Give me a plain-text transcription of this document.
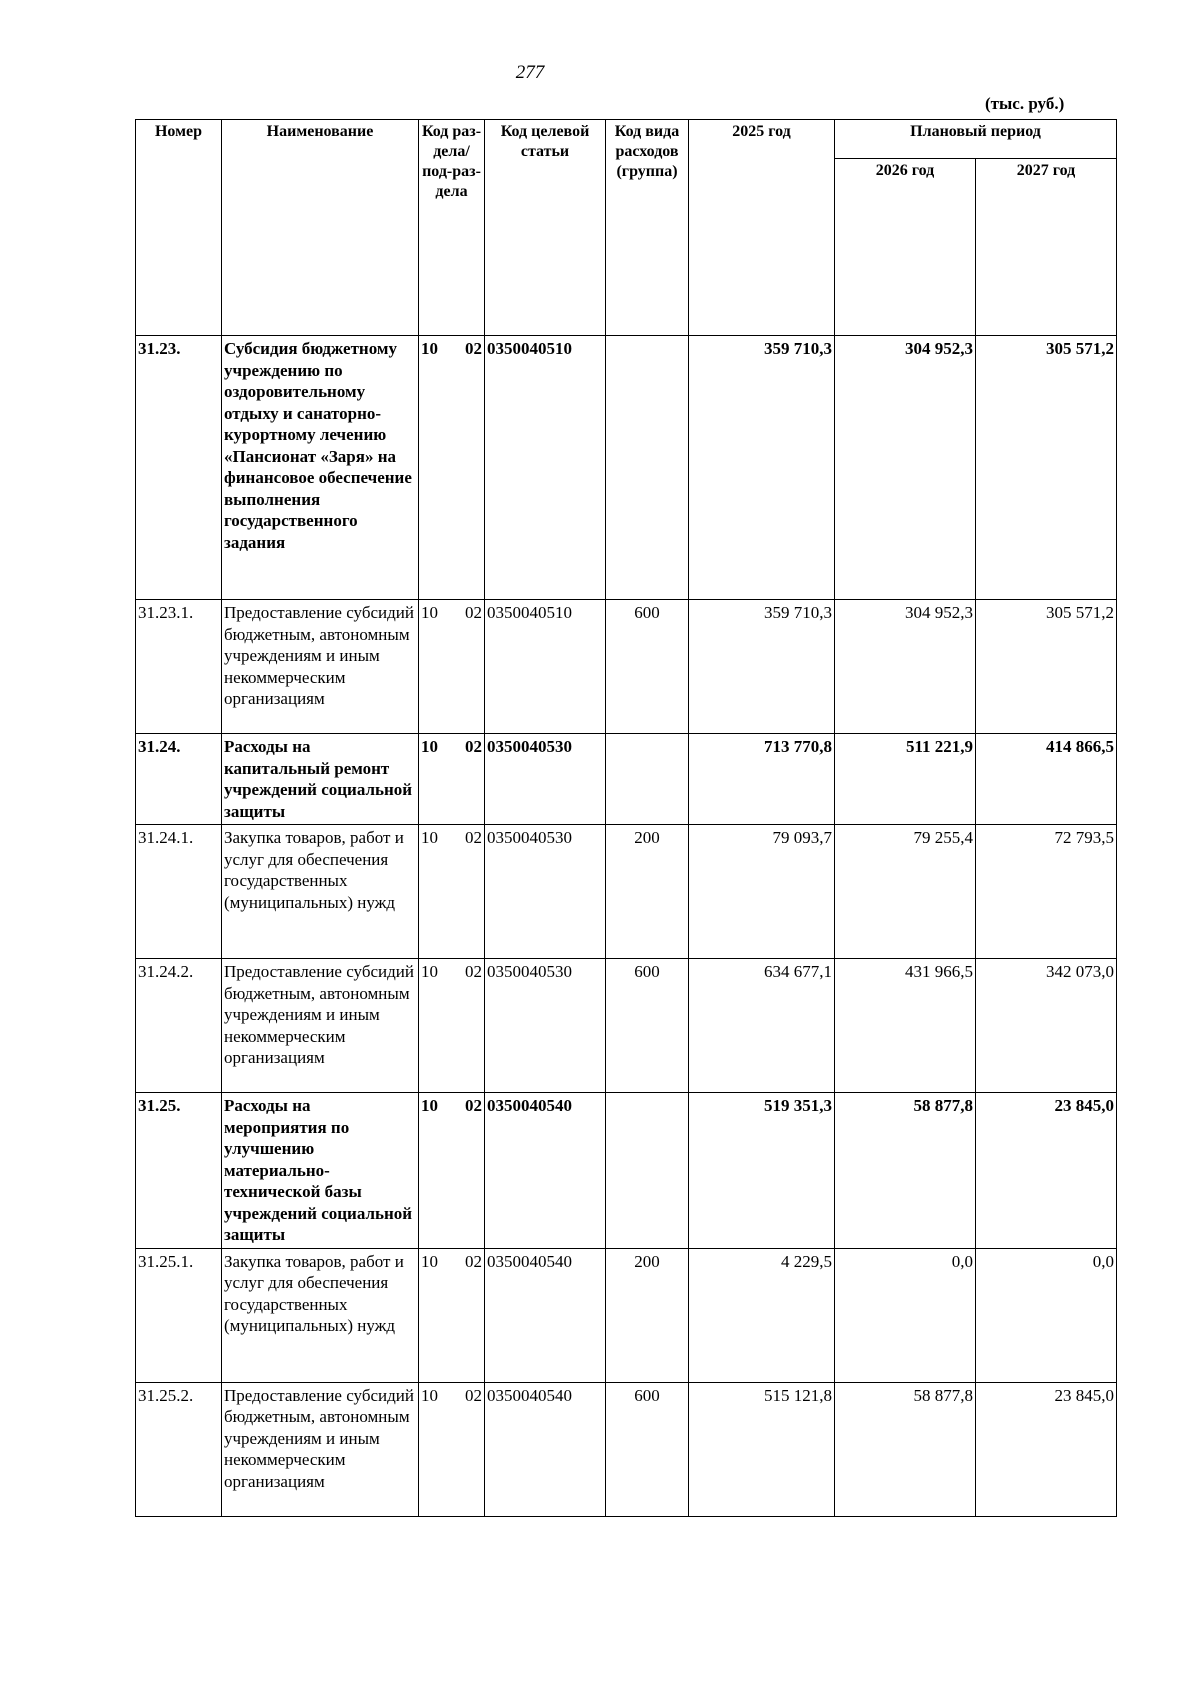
277
(тыс. руб.)
Номер	Наименование	Код раз-дела/ под-раз-дела	Код целевой статьи	Код вида расходов (группа)	2025 год	Плановый период	
						2026 год	2027 год
31.23.	Субсидия бюджетному учреждению по оздоровительному отдыху и санаторно-курортному лечению «Пансионат «Заря» на финансовое обеспечение выполнения государственного задания	10 02	0350040510		359 710,3	304 952,3	305 571,2
31.23.1.	Предоставление субсидий бюджетным, автономным учреждениям и иным некоммерческим организациям	10 02	0350040510	600	359 710,3	304 952,3	305 571,2
31.24.	Расходы на капитальный ремонт учреждений социальной защиты	10 02	0350040530		713 770,8	511 221,9	414 866,5
31.24.1.	Закупка товаров, работ и услуг для обеспечения государственных (муниципальных) нужд	10 02	0350040530	200	79 093,7	79 255,4	72 793,5
31.24.2.	Предоставление субсидий бюджетным, автономным учреждениям и иным некоммерческим организациям	10 02	0350040530	600	634 677,1	431 966,5	342 073,0
31.25.	Расходы на мероприятия по улучшению материально-технической базы учреждений социальной защиты	10 02	0350040540		519 351,3	58 877,8	23 845,0
31.25.1.	Закупка товаров, работ и услуг для обеспечения государственных (муниципальных) нужд	10 02	0350040540	200	4 229,5	0,0	0,0
31.25.2.	Предоставление субсидий бюджетным, автономным учреждениям и иным некоммерческим организациям	10 02	0350040540	600	515 121,8	58 877,8	23 845,0
